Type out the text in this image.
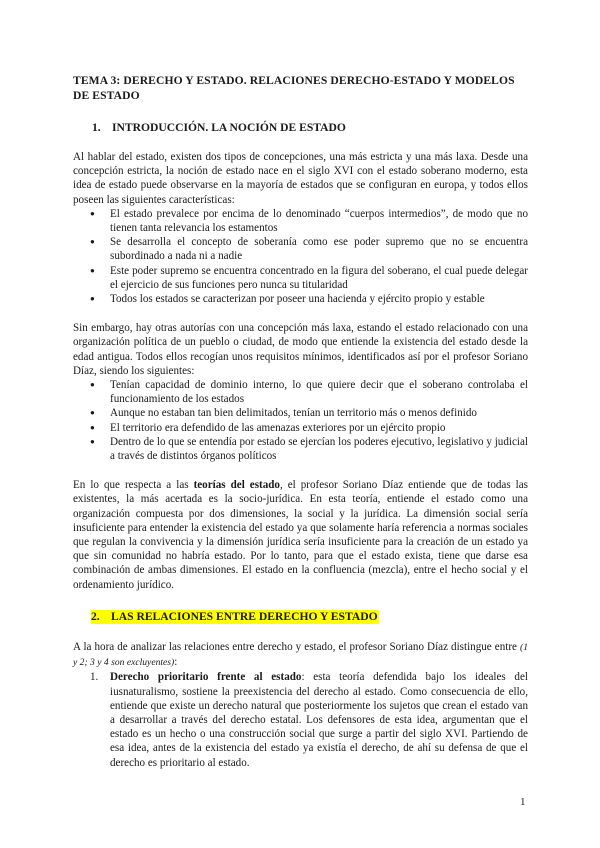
TEMA 3: DERECHO Y ESTADO. RELACIONES DERECHO-ESTADO Y MODELOS DE ESTADO
1. INTRODUCCIÓN. LA NOCIÓN DE ESTADO

Al hablar del estado, existen dos tipos de concepciones, una más estricta y una más laxa. Desde una concepción estricta, la noción de estado nace en el siglo XVI con el estado soberano moderno, esta idea de estado puede observarse en la mayoría de estados que se configuran en europa, y todos ellos poseen las siguientes características:

● El estado prevalece por encima de lo denominado “cuerpos intermedios”, de modo que no tienen tanta relevancia los estamentos
● Se desarrolla el concepto de soberanía como ese poder supremo que no se encuentra subordinado a nada ni a nadie
● Este poder supremo se encuentra concentrado en la figura del soberano, el cual puede delegar el ejercicio de sus funciones pero nunca su titularidad
● Todos los estados se caracterizan por poseer una hacienda y ejército propio y estable

Sin embargo, hay otras autorías con una concepción más laxa, estando el estado relacionado con una organización política de un pueblo o ciudad, de modo que entiende la existencia del estado desde la edad antigua. Todos ellos recogían unos requisitos mínimos, identificados así por el profesor Soriano Díaz, siendo los siguientes:

● Tenían capacidad de dominio interno, lo que quiere decir que el soberano controlaba el funcionamiento de los estados
● Aunque no estaban tan bien delimitados, tenían un territorio más o menos definido
● El territorio era defendido de las amenazas exteriores por un ejército propio
● Dentro de lo que se entendía por estado se ejercían los poderes ejecutivo, legislativo y judicial a través de distintos órganos políticos

En lo que respecta a las teorías del estado, el profesor Soriano Díaz entiende que de todas las existentes, la más acertada es la socio-jurídica. En esta teoría, entiende el estado como una organización compuesta por dos dimensiones, la social y la jurídica. La dimensión social sería insuficiente para entender la existencia del estado ya que solamente haría referencia a normas sociales que regulan la convivencia y la dimensión jurídica sería insuficiente para la creación de un estado ya que sin comunidad no habría estado. Por lo tanto, para que el estado exista, tiene que darse esa combinación de ambas dimensiones. El estado en la confluencia (mezcla), entre el hecho social y el ordenamiento jurídico.

2. LAS RELACIONES ENTRE DERECHO Y ESTADO

A la hora de analizar las relaciones entre derecho y estado, el profesor Soriano Díaz distingue entre (1 y 2; 3 y 4 son excluyentes):

1. Derecho prioritario frente al estado: esta teoría defendida bajo los ideales del iusnaturalismo, sostiene la preexistencia del derecho al estado. Como consecuencia de ello, entiende que existe un derecho natural que posteriormente los sujetos que crean el estado van a desarrollar a través del derecho estatal. Los defensores de esta idea, argumentan que el estado es un hecho o una construcción social que surge a partir del siglo XVI. Partiendo de esa idea, antes de la existencia del estado ya existía el derecho, de ahí su defensa de que el derecho es prioritario al estado.
1
